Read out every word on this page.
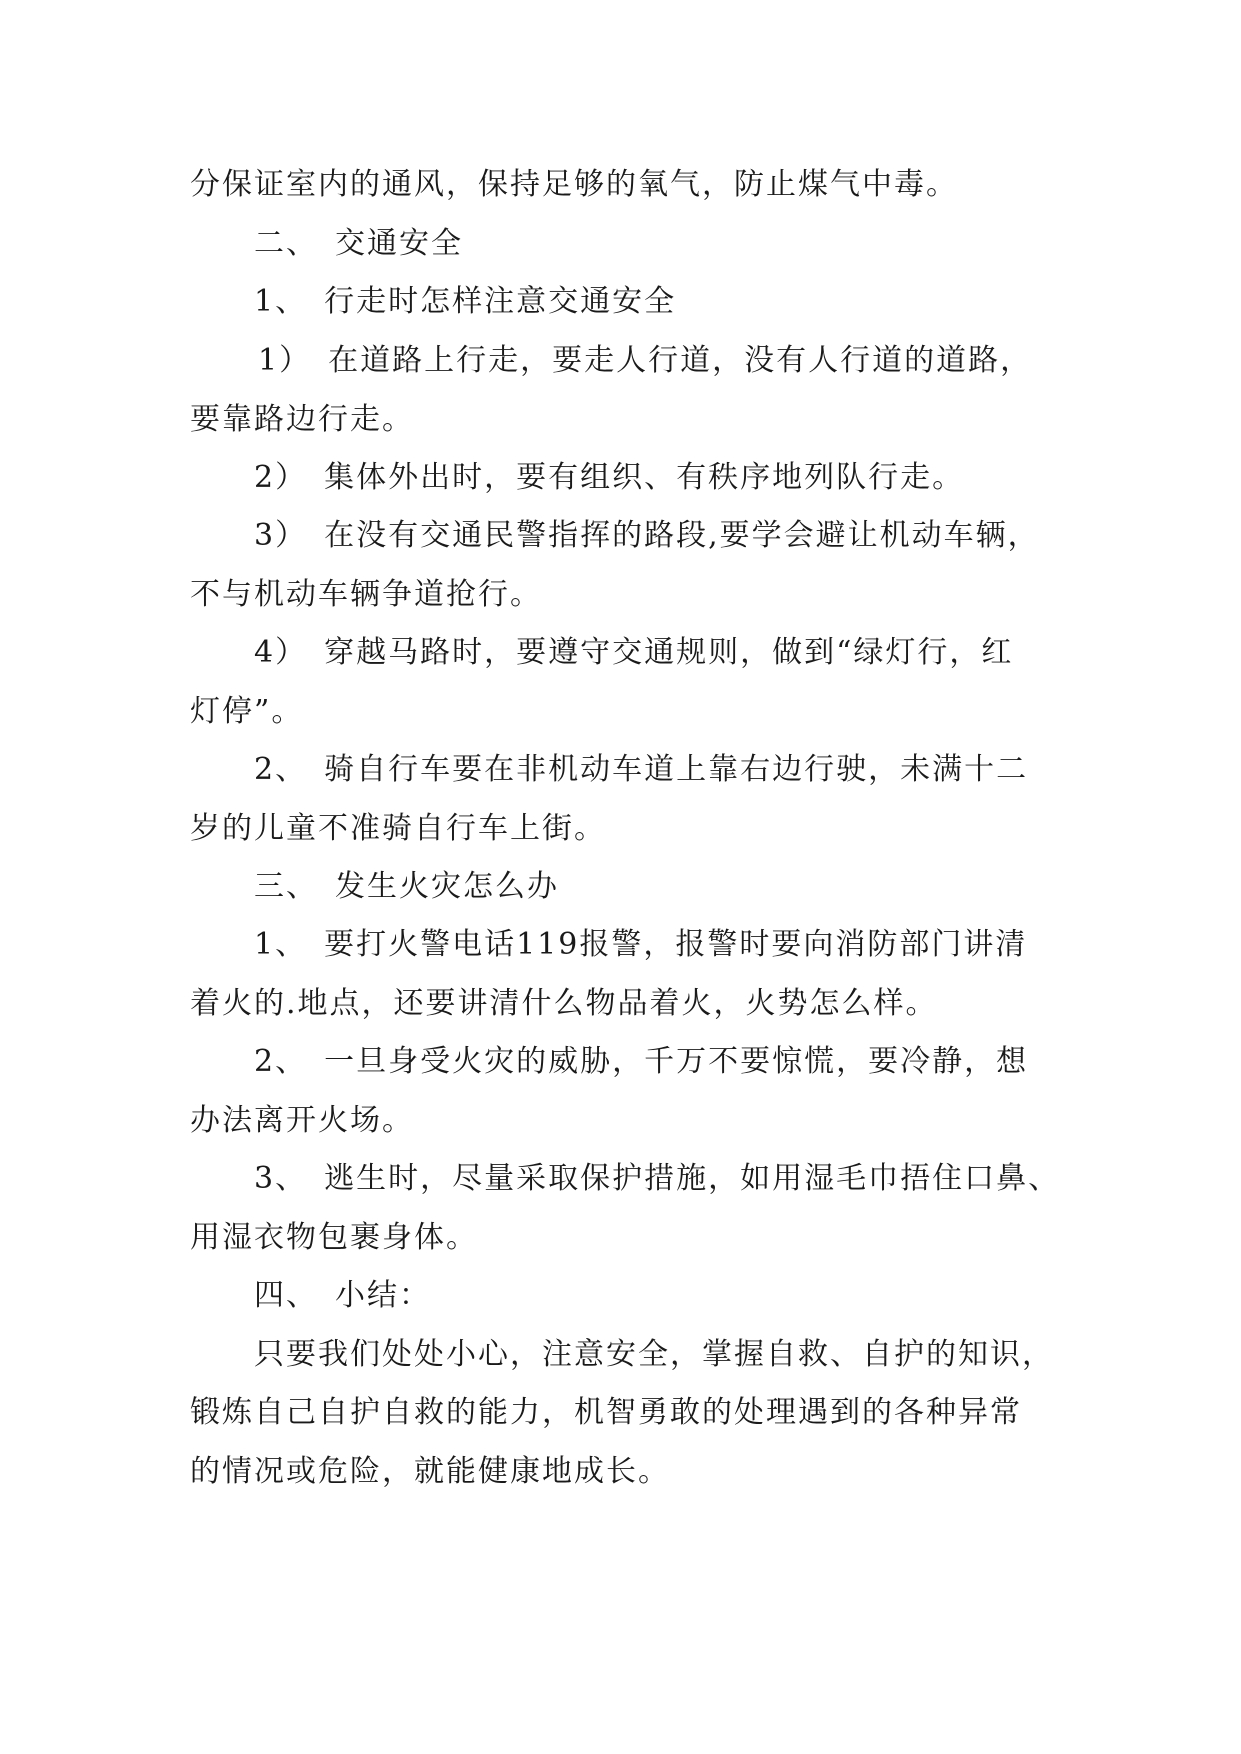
分保证室内的通风，保持足够的氧气，防止煤气中毒。
二、　交通安全
1、　行走时怎样注意交通安全
1）　在道路上行走，要走人行道，没有人行道的道路，
要靠路边行走。
2）　集体外出时，要有组织、有秩序地列队行走。
3）　在没有交通民警指挥的路段,要学会避让机动车辆，
不与机动车辆争道抢行。
4）　穿越马路时，要遵守交通规则，做到“绿灯行，红
灯停”。
2、　骑自行车要在非机动车道上靠右边行驶，未满十二
岁的儿童不准骑自行车上街。
三、　发生火灾怎么办
1、　要打火警电话119报警，报警时要向消防部门讲清
着火的.地点，还要讲清什么物品着火，火势怎么样。
2、　一旦身受火灾的威胁，千万不要惊慌，要冷静，想
办法离开火场。
3、　逃生时，尽量采取保护措施，如用湿毛巾捂住口鼻、
用湿衣物包裹身体。
四、　小结：
只要我们处处小心，注意安全，掌握自救、自护的知识，
锻炼自己自护自救的能力，机智勇敢的处理遇到的各种异常
的情况或危险，就能健康地成长。
